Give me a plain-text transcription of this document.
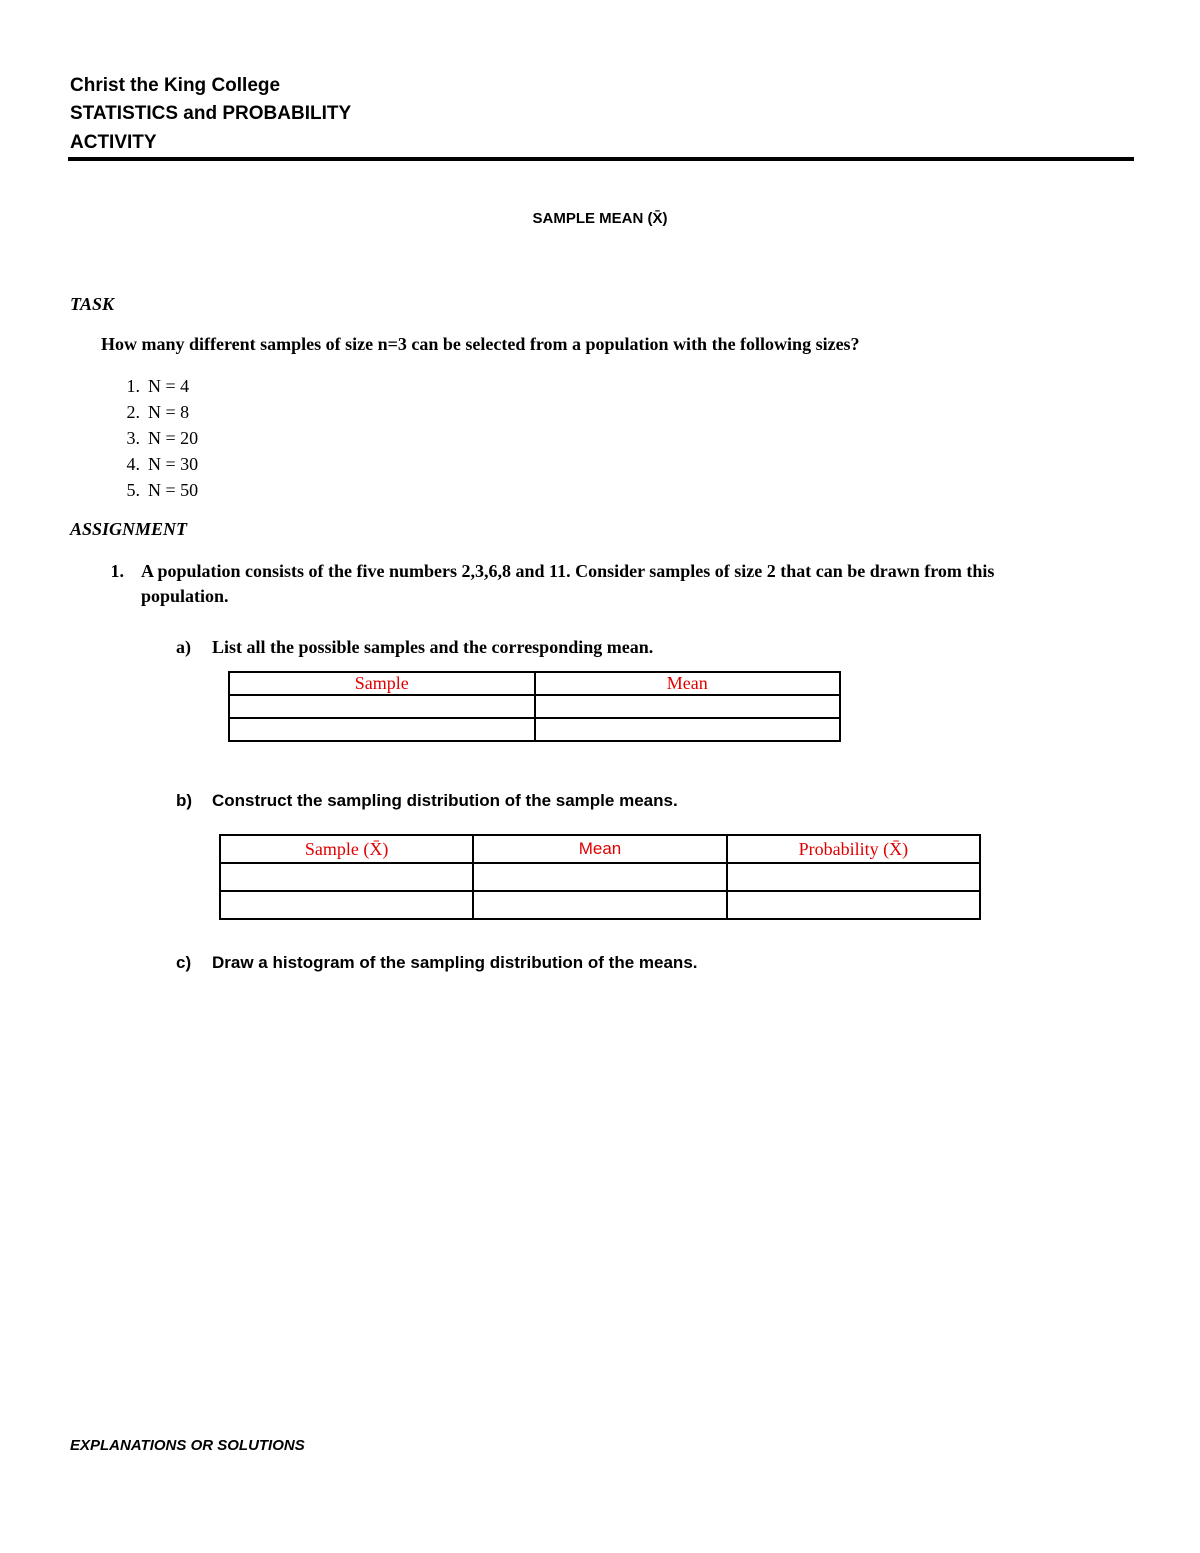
Christ the King College
STATISTICS and PROBABILITY
ACTIVITY
SAMPLE MEAN (X̄)
TASK
How many different samples of size n=3 can be selected from a population with the following sizes?
1. N = 4
2. N = 8
3. N = 20
4. N = 30
5. N = 50
ASSIGNMENT
1. A population consists of the five numbers 2,3,6,8 and 11. Consider samples of size 2 that can be drawn from this
population.
a) List all the possible samples and the corresponding mean.
Sample	Mean

b) Construct the sampling distribution of the sample means.
Sample (X̄)	Mean	Probability (X̄)

c) Draw a histogram of the sampling distribution of the means.
EXPLANATIONS OR SOLUTIONS
